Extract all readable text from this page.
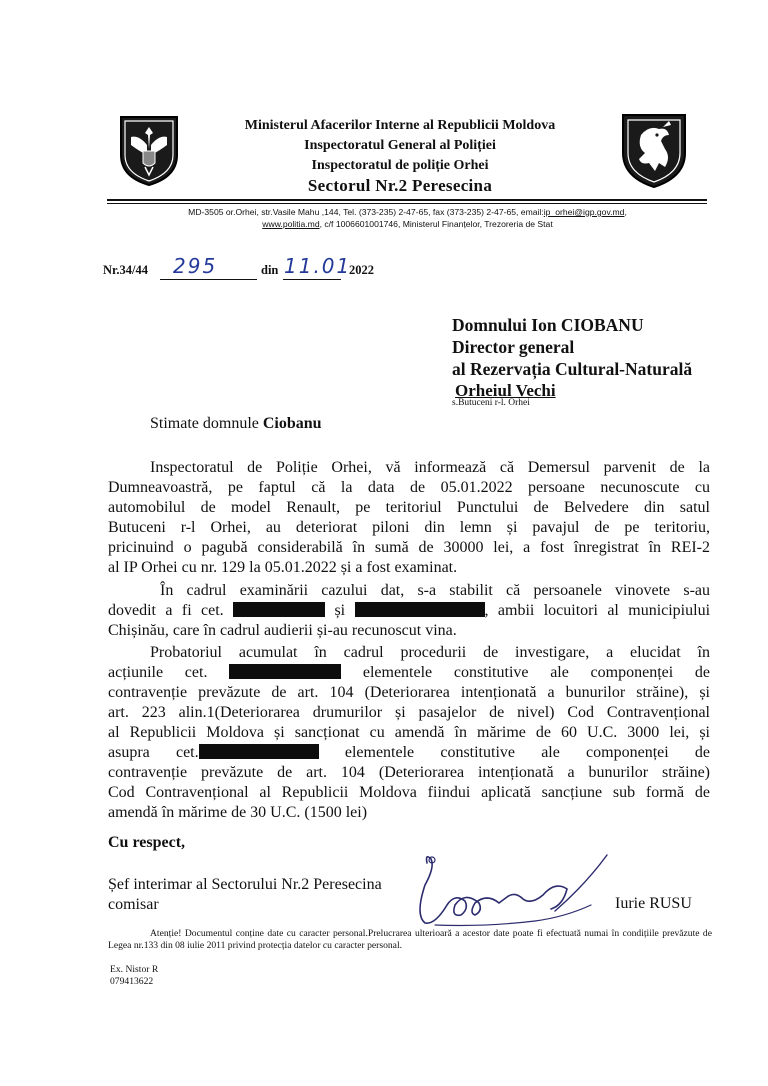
Ministerul Afacerilor Interne al Republicii Moldova
Inspectoratul General al Poliției
Inspectoratul de poliție Orhei
Sectorul Nr.2 Peresecina
MD-3505 or.Orhei, str.Vasile Mahu ,144, Tel. (373-235) 2-47-65, fax (373-235) 2-47-65, email:ip_orhei@igp.gov.md,
www.politia.md, c/f 1006601001746, Ministerul Finanțelor, Trezoreria de Stat
Nr.34/44 295	din 11.01
2022
Domnului Ion CIOBANU
Director general
al Rezervația Cultural-Naturală
Orheiul Vechi
s.Butuceni r-l. Orhei
Stimate domnule Ciobanu
Inspectoratul de Poliție Orhei, vă informează că Demersul parvenit de la
Dumneavoastră, pe faptul că la data de 05.01.2022 persoane necunoscute cu
automobilul de model Renault, pe teritoriul Punctului de Belvedere din satul
Butuceni r-l Orhei, au deteriorat piloni din lemn și pavajul de pe teritoriu,
pricinuind o pagubă considerabilă în sumă de 30000 lei, a fost înregistrat în REI-2
al IP Orhei cu nr. 129 la 05.01.2022 și a fost examinat.
În cadrul examinării cazului dat, s-a stabilit că persoanele vinovete s-au
dovedit a fi cet.	și	, ambii locuitori al municipiului
Chișinău, care în cadrul audierii și-au recunoscut vina.
Probatoriul acumulat în cadrul procedurii de investigare, a elucidat în
acțiunile cet.	elementele constitutive ale componenței de
contravenție prevăzute de art. 104 (Deteriorarea intenționată a bunurilor străine), și
art. 223 alin.1(Deteriorarea drumurilor și pasajelor de nivel) Cod Contravențional
al Republicii Moldova și sancționat cu amendă în mărime de 60 U.C. 3000 lei, și
asupra cet.	elementele constitutive ale componenței de
contravenție prevăzute de art. 104 (Deteriorarea intenționată a bunurilor străine)
Cod Contravențional al Republicii Moldova fiindui aplicată sancțiune sub formă de
amendă în mărime de 30 U.C. (1500 lei)
Cu respect,
Șef interimar al Sectorului Nr.2 Peresecina
comisar	Iurie RUSU
Atenție! Documentul conține date cu caracter personal.Prelucrarea ulterioară a acestor date poate fi efectuată numai în condițiile prevăzute de Legea nr.133 din 08 iulie 2011 privind protecția datelor cu caracter personal.
Ex. Nistor R
079413622
